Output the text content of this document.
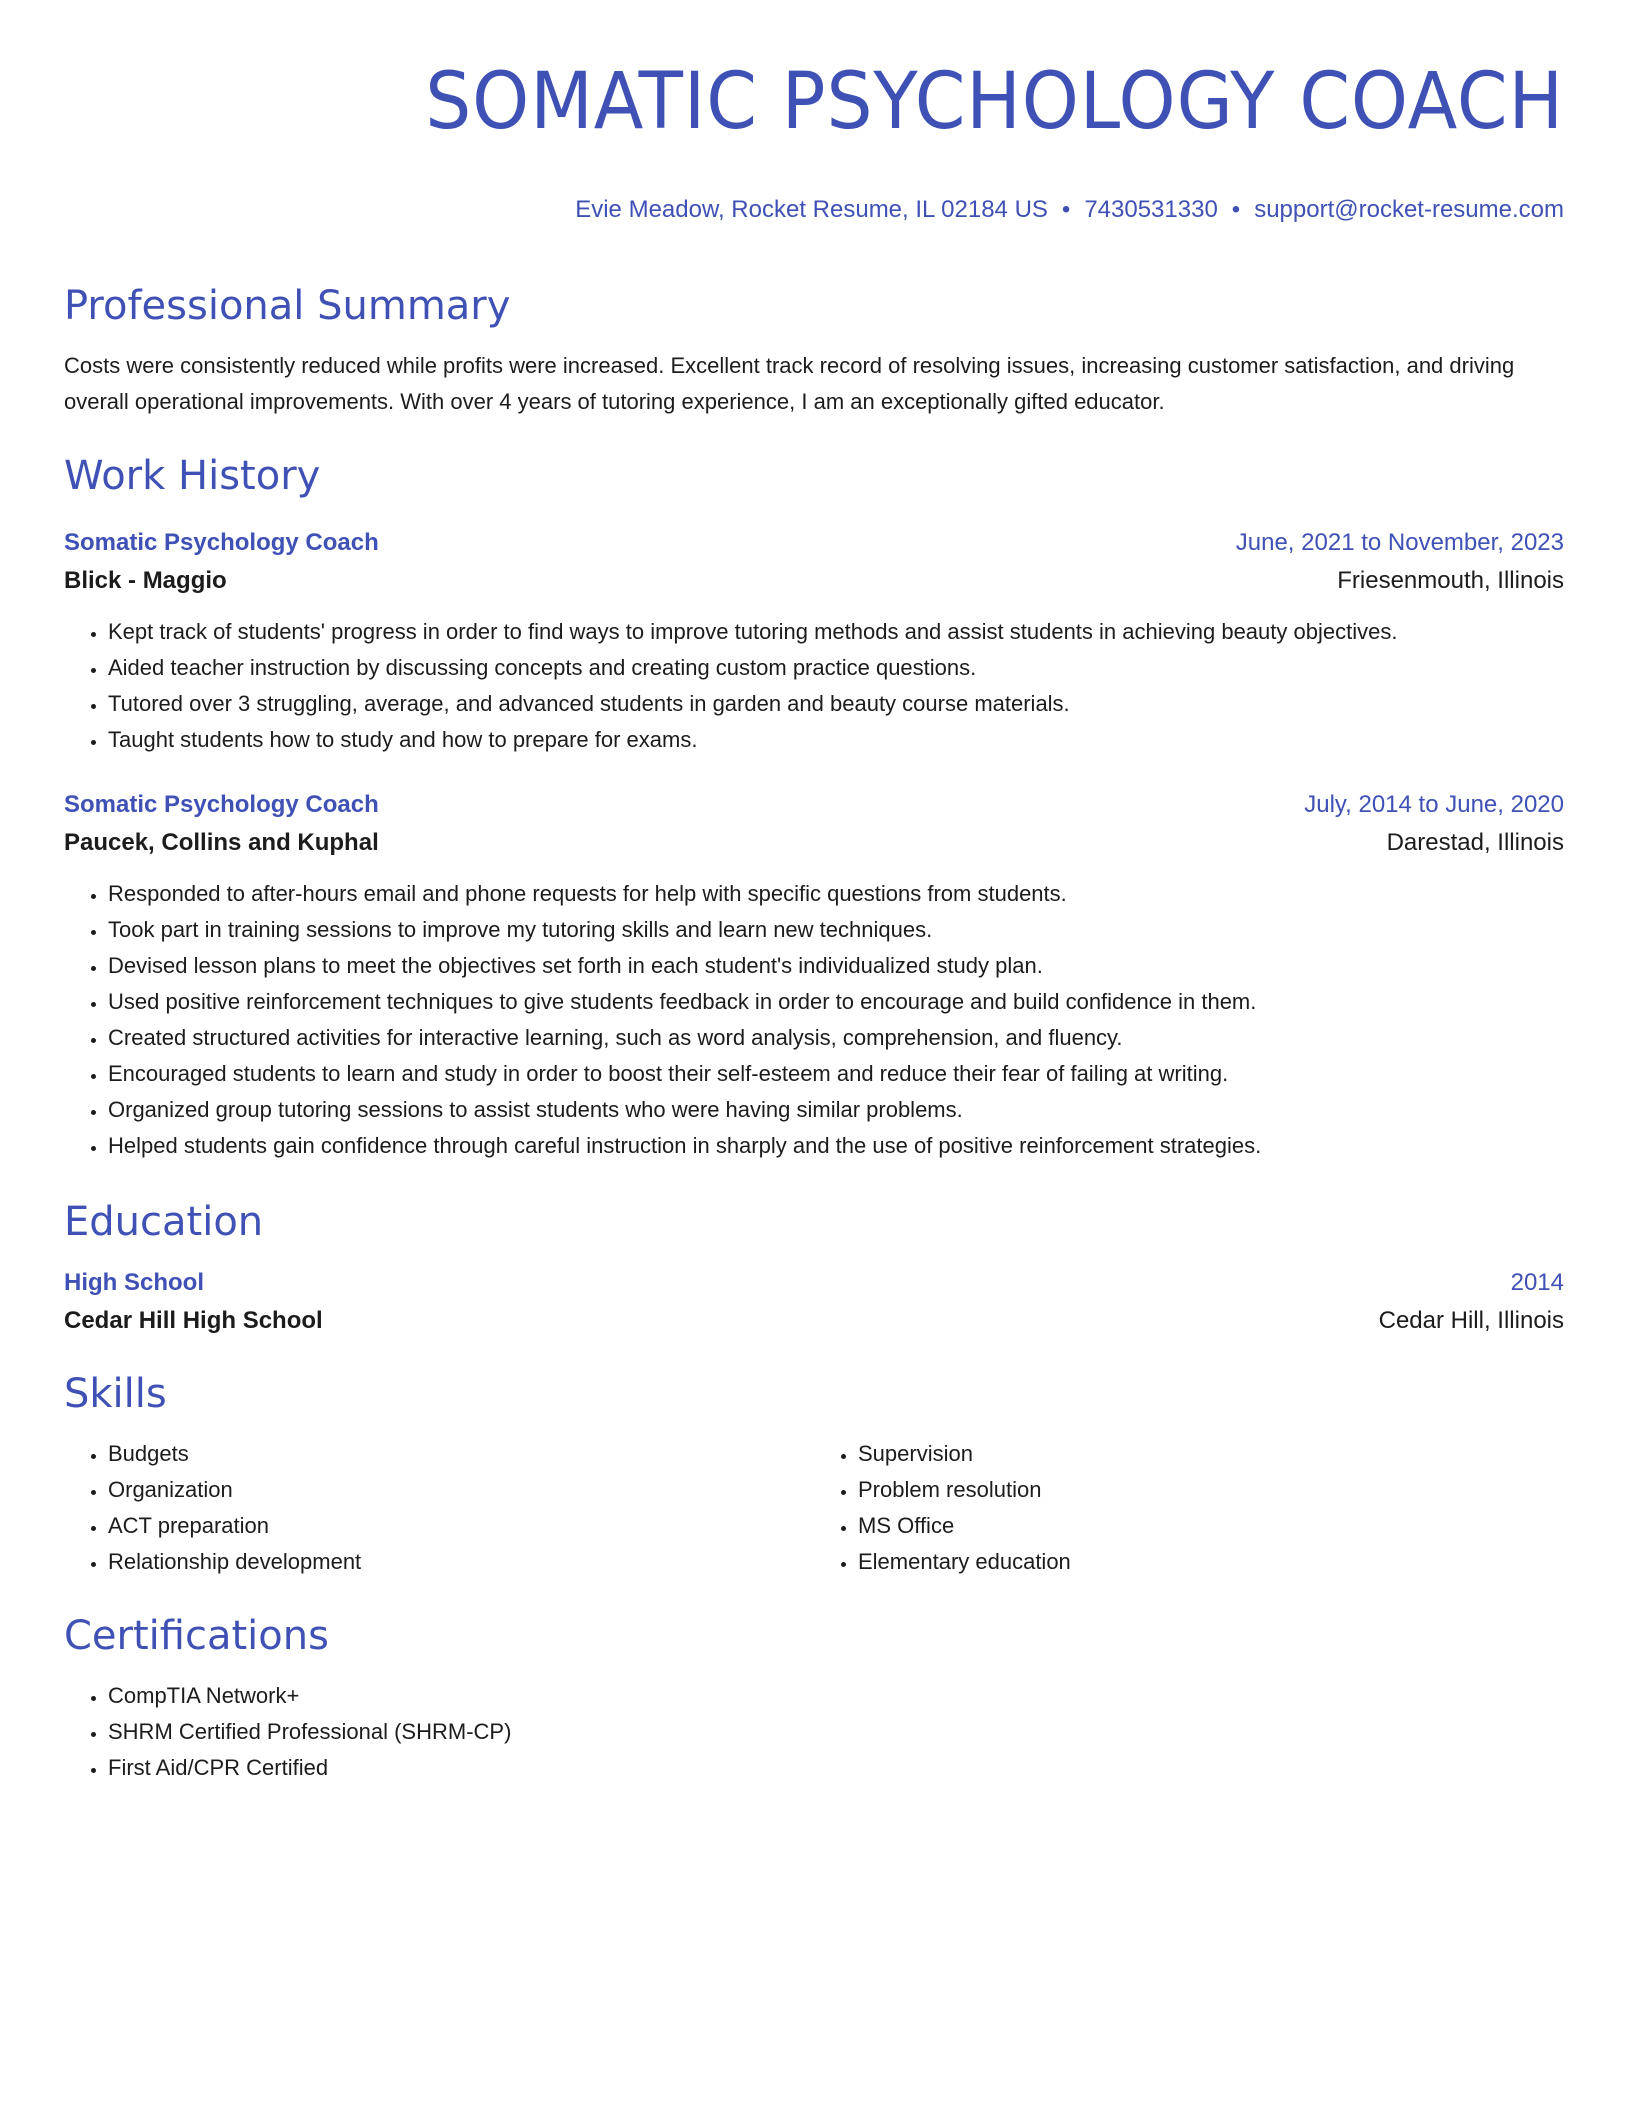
SOMATIC PSYCHOLOGY COACH
Evie Meadow, Rocket Resume, IL 02184 US • 7430531330 • support@rocket-resume.com
Professional Summary
Costs were consistently reduced while profits were increased. Excellent track record of resolving issues, increasing customer satisfaction, and driving overall operational improvements. With over 4 years of tutoring experience, I am an exceptionally gifted educator.
Work History
Somatic Psychology Coach	June, 2021 to November, 2023
Blick - Maggio	Friesenmouth, Illinois
• Kept track of students' progress in order to find ways to improve tutoring methods and assist students in achieving beauty objectives.
• Aided teacher instruction by discussing concepts and creating custom practice questions.
• Tutored over 3 struggling, average, and advanced students in garden and beauty course materials.
• Taught students how to study and how to prepare for exams.
Somatic Psychology Coach	July, 2014 to June, 2020
Paucek, Collins and Kuphal	Darestad, Illinois
• Responded to after-hours email and phone requests for help with specific questions from students.
• Took part in training sessions to improve my tutoring skills and learn new techniques.
• Devised lesson plans to meet the objectives set forth in each student's individualized study plan.
• Used positive reinforcement techniques to give students feedback in order to encourage and build confidence in them.
• Created structured activities for interactive learning, such as word analysis, comprehension, and fluency.
• Encouraged students to learn and study in order to boost their self-esteem and reduce their fear of failing at writing.
• Organized group tutoring sessions to assist students who were having similar problems.
• Helped students gain confidence through careful instruction in sharply and the use of positive reinforcement strategies.
Education
High School	2014
Cedar Hill High School	Cedar Hill, Illinois
Skills
• Budgets
• Organization
• ACT preparation
• Relationship development
• Supervision
• Problem resolution
• MS Office
• Elementary education
Certifications
• CompTIA Network+
• SHRM Certified Professional (SHRM-CP)
• First Aid/CPR Certified
